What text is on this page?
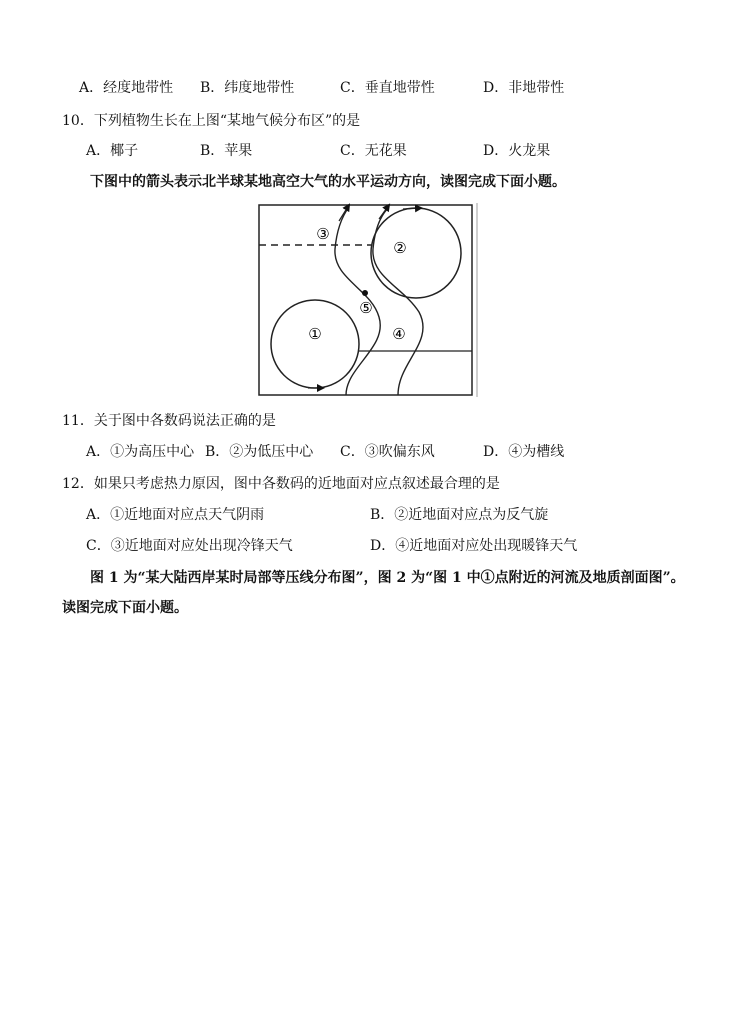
A．经度地带性 B．纬度地带性	C．垂直地带性	D．非地带性
10．下列植物生长在上图“某地气候分布区”的是
A．椰子	B．苹果	C．无花果	D．火龙果
下图中的箭头表示北半球某地高空大气的水平运动方向，读图完成下面小题。
①
②
③
④
⑤
11．关于图中各数码说法正确的是
A．①为高压中心 B．②为低压中心 C．③吹偏东风	D．④为槽线
12．如果只考虑热力原因，图中各数码的近地面对应点叙述最合理的是
A．①近地面对应点天气阴雨	B．②近地面对应点为反气旋
C．③近地面对应处出现冷锋天气	D．④近地面对应处出现暖锋天气
图 1 为“某大陆西岸某时局部等压线分布图”，图 2 为“图 1 中①点附近的河流及地质剖面图”。
读图完成下面小题。
